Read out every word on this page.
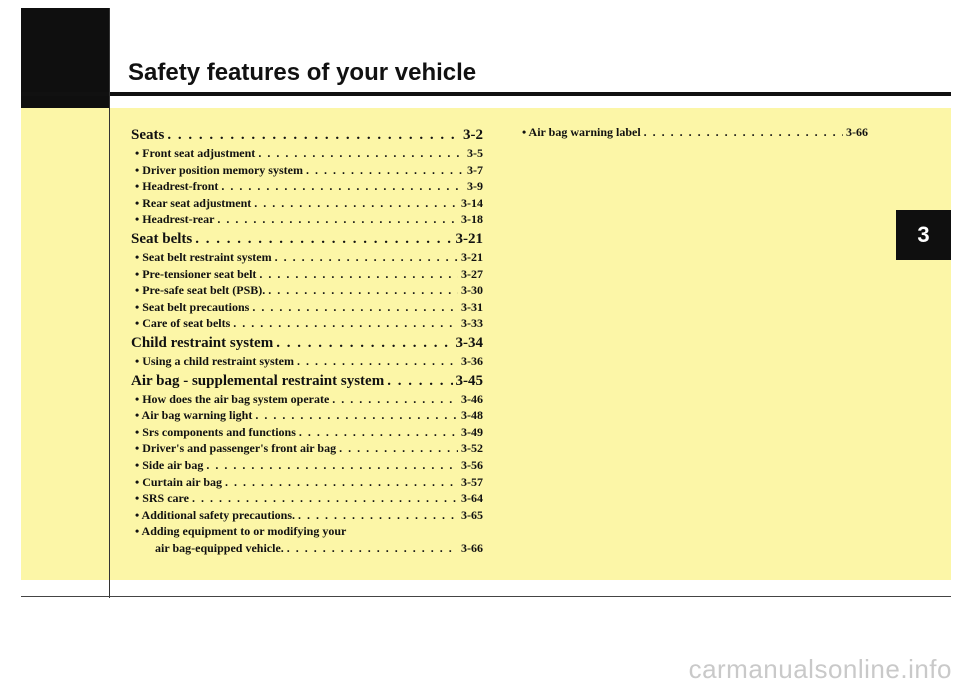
Safety features of your vehicle
3
Seats . . .	3-2
• Front seat adjustment . . .	3-5
• Driver position memory system . . .	3-7
• Headrest-front . . .	3-9
• Rear seat adjustment . . .	3-14
• Headrest-rear . . .	3-18
Seat belts . . .	3-21
• Seat belt restraint system . . .	3-21
• Pre-tensioner seat belt . . .	3-27
• Pre-safe seat belt (PSB). . . .	3-30
• Seat belt precautions . . .	3-31
• Care of seat belts . . .	3-33
Child restraint system . . .	3-34
• Using a child restraint system . . .	3-36
Air bag - supplemental restraint system . . .	3-45
• How does the air bag system operate . . .	3-46
• Air bag warning light . . .	3-48
• Srs components and functions . . .	3-49
• Driver's and passenger's front air bag . . .	3-52
• Side air bag . . .	3-56
• Curtain air bag . . .	3-57
• SRS care . . .	3-64
• Additional safety precautions. . . .	3-65
• Adding equipment to or modifying your
air bag-equipped vehicle. . . .	3-66
• Air bag warning label . . .	3-66
carmanualsonline.info
